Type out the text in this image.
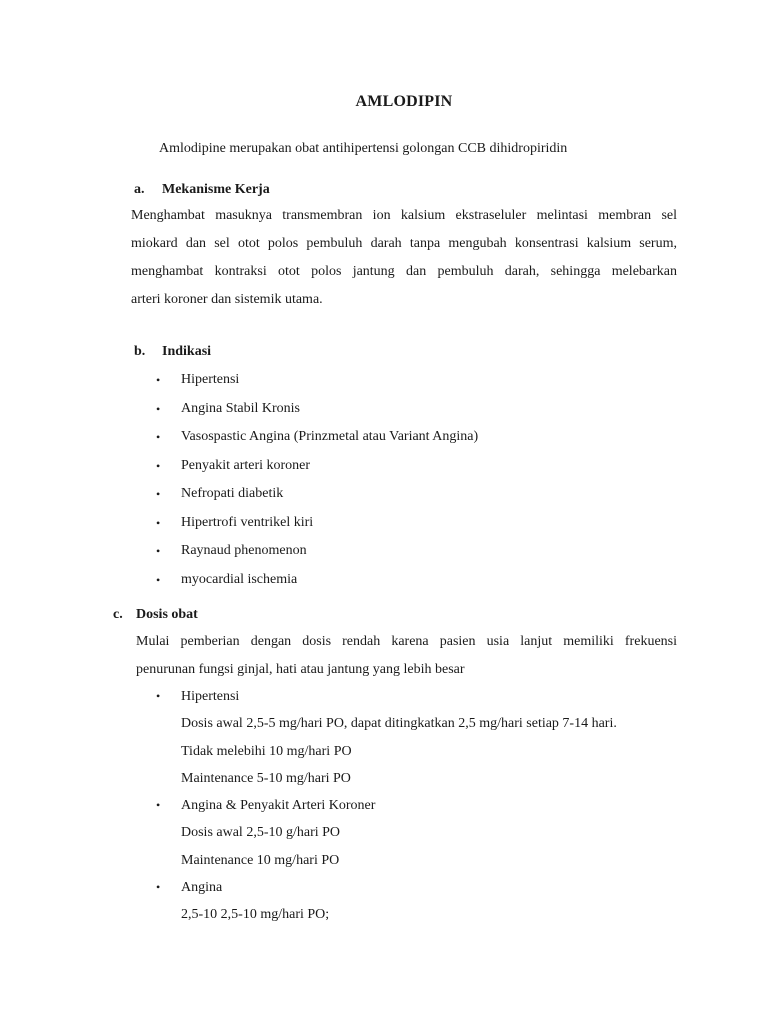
AMLODIPIN
Amlodipine merupakan obat antihipertensi golongan CCB dihidropiridin
a. Mekanisme Kerja
Menghambat masuknya transmembran ion kalsium ekstraseluler melintasi membran sel
miokard dan sel otot polos pembuluh darah tanpa mengubah konsentrasi kalsium serum,
menghambat kontraksi otot polos jantung dan pembuluh darah, sehingga melebarkan
arteri koroner dan sistemik utama.
b. Indikasi
• Hipertensi
• Angina Stabil Kronis
• Vasospastic Angina (Prinzmetal atau Variant Angina)
• Penyakit arteri koroner
• Nefropati diabetik
• Hipertrofi ventrikel kiri
• Raynaud phenomenon
• myocardial ischemia
c. Dosis obat
Mulai pemberian dengan dosis rendah karena pasien usia lanjut memiliki frekuensi
penurunan fungsi ginjal, hati atau jantung yang lebih besar
• Hipertensi
Dosis awal 2,5-5 mg/hari PO, dapat ditingkatkan 2,5 mg/hari setiap 7-14 hari.
Tidak melebihi 10 mg/hari PO
Maintenance 5-10 mg/hari PO
• Angina & Penyakit Arteri Koroner
Dosis awal 2,5-10 g/hari PO
Maintenance 10 mg/hari PO
• Angina
2,5-10 2,5-10 mg/hari PO;
